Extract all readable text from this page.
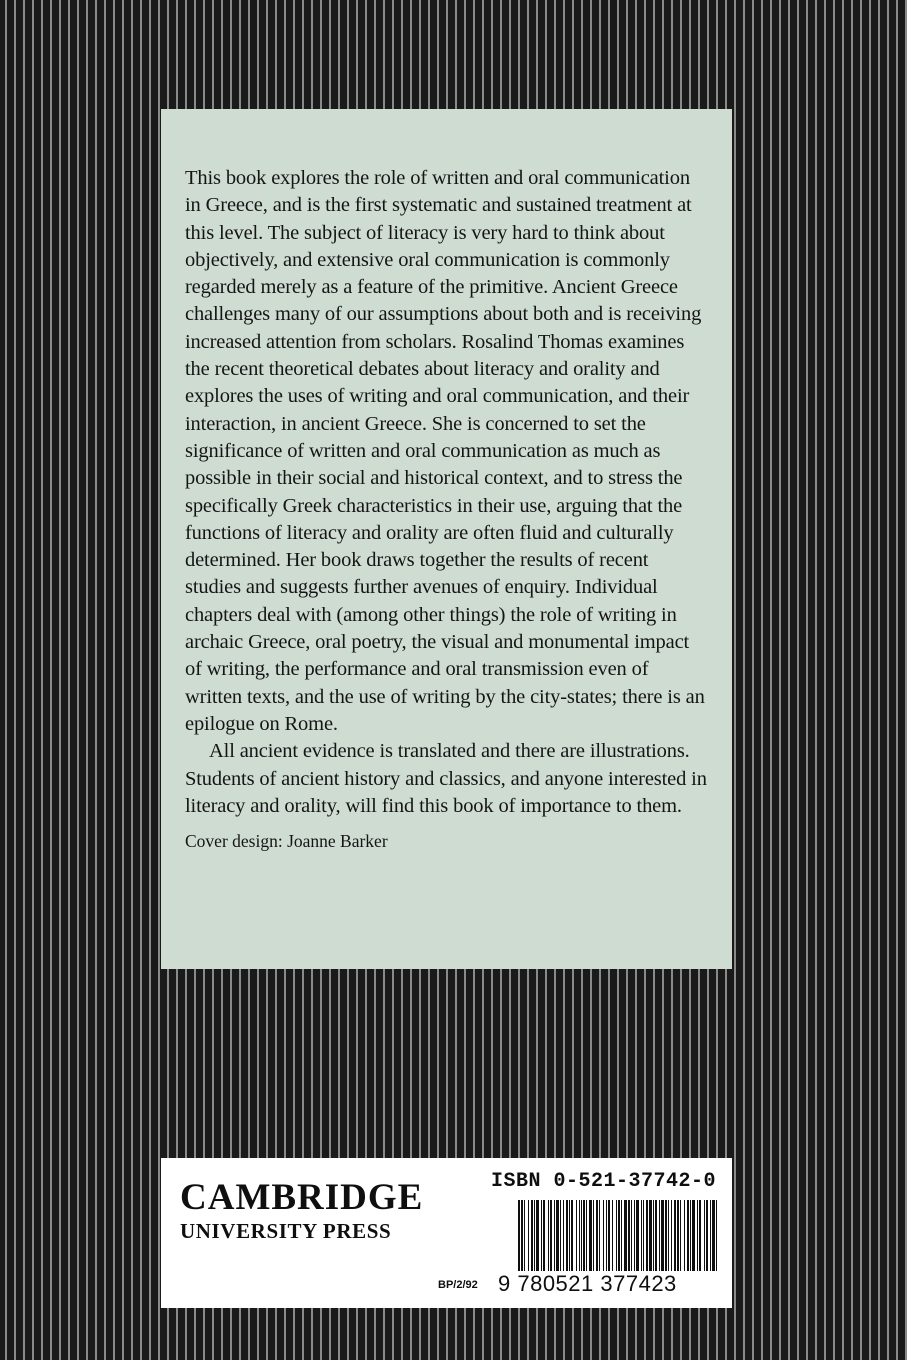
This book explores the role of written and oral communication in Greece, and is the first systematic and sustained treatment at this level. The subject of literacy is very hard to think about objectively, and extensive oral communication is commonly regarded merely as a feature of the primitive. Ancient Greece challenges many of our assumptions about both and is receiving increased attention from scholars. Rosalind Thomas examines the recent theoretical debates about literacy and orality and explores the uses of writing and oral communication, and their interaction, in ancient Greece. She is concerned to set the significance of written and oral communication as much as possible in their social and historical context, and to stress the specifically Greek characteristics in their use, arguing that the functions of literacy and orality are often fluid and culturally determined. Her book draws together the results of recent studies and suggests further avenues of enquiry. Individual chapters deal with (among other things) the role of writing in archaic Greece, oral poetry, the visual and monumental impact of writing, the performance and oral transmission even of written texts, and the use of writing by the city-states; there is an epilogue on Rome.

All ancient evidence is translated and there are illustrations. Students of ancient history and classics, and anyone interested in literacy and orality, will find this book of importance to them.

Cover design: Joanne Barker
CAMBRIDGE
UNIVERSITY PRESS
ISBN 0-521-37742-0
BP/2/92 9 780521 377423
